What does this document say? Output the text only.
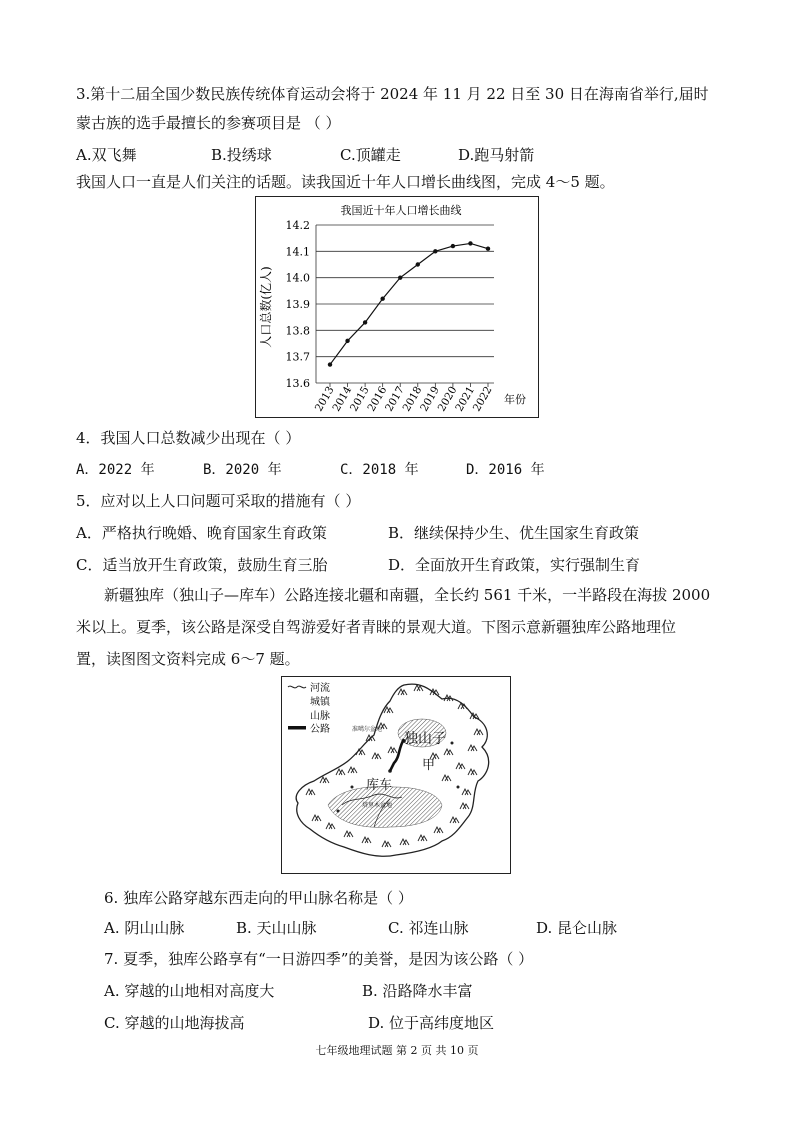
3.第十二届全国少数民族传统体育运动会将于 2024 年 11 月 22 日至 30 日在海南省举行,届时
蒙古族的选手最擅长的参赛项目是 （ ）
A.双飞舞	B.投绣球	C.顶罐走	D.跑马射箭
我国人口一直是人们关注的话题。读我国近十年人口增长曲线图，完成 4～5 题。
我国近十年人口增长曲线
人口总数(亿人)
年份
13.6
13.7
13.8
13.9
14.0
14.1
14.2
2013
2014
2015
2016
2017
2018
2019
2020
2021
2022
4．我国人口总数减少出现在（ ）
A．2022 年	B．2020 年	C．2018 年	D．2016 年
5．应对以上人口问题可采取的措施有（ ）
A．严格执行晚婚、晚育国家生育政策	B．继续保持少生、优生国家生育政策
C．适当放开生育政策，鼓励生育三胎	D．全面放开生育政策，实行强制生育
新疆独库（独山子—库车）公路连接北疆和南疆，全长约 561 千米，一半路段在海拔 2000
米以上。夏季，该公路是深受自驾游爱好者青睐的景观大道。下图示意新疆独库公路地理位
置，读图图文资料完成 6～7 题。
准噶尔盆地
塔里木盆地
独山子
库车
甲
河流
城镇
山脉
公路
6. 独库公路穿越东西走向的甲山脉名称是（ ）
A. 阴山山脉	B. 天山山脉	C. 祁连山脉	D. 昆仑山脉
7. 夏季，独库公路享有“一日游四季”的美誉，是因为该公路（ ）
A. 穿越的山地相对高度大	B. 沿路降水丰富
C. 穿越的山地海拔高	D. 位于高纬度地区
七年级地理试题 第 2 页 共 10 页
